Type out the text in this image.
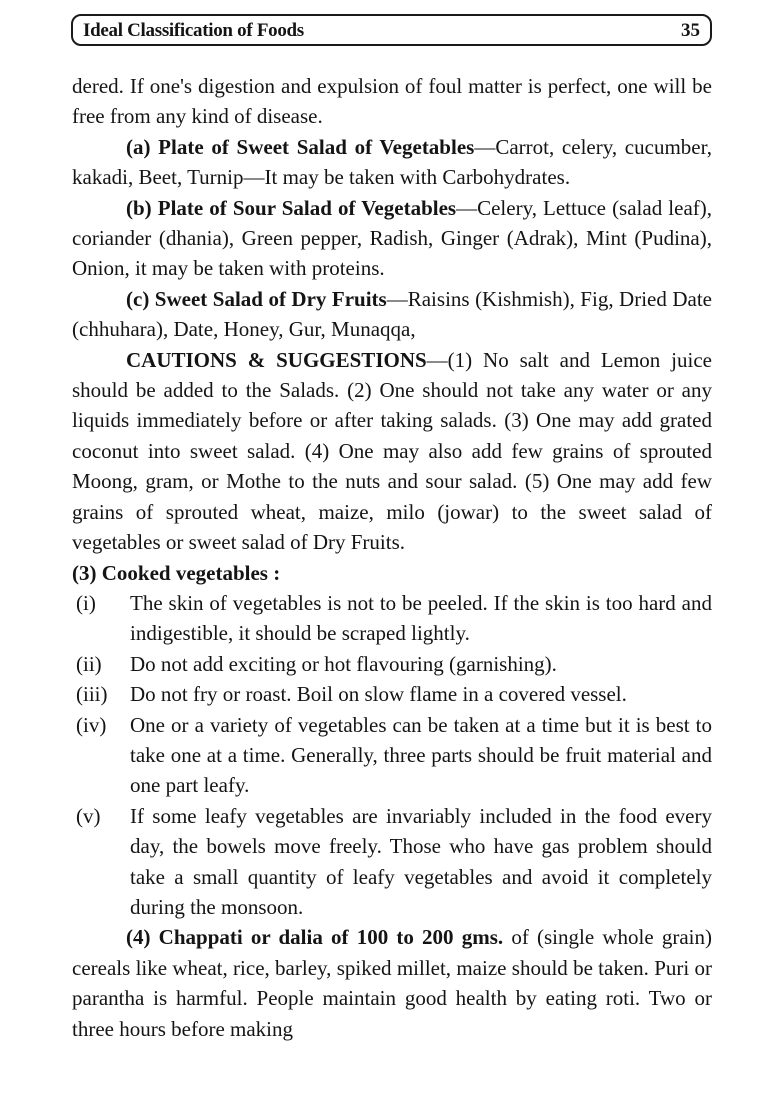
Ideal Classification of Foods	35

dered. If one's digestion and expulsion of foul matter is perfect, one will be free from any kind of disease.

(a) Plate of Sweet Salad of Vegetables—Carrot, celery, cucumber, kakadi, Beet, Turnip—It may be taken with Carbohydrates.

(b) Plate of Sour Salad of Vegetables—Celery, Lettuce (salad leaf), coriander (dhania), Green pepper, Radish, Ginger (Adrak), Mint (Pudina), Onion, it may be taken with proteins.

(c) Sweet Salad of Dry Fruits—Raisins (Kishmish), Fig, Dried Date (chhuhara), Date, Honey, Gur, Munaqqa,

CAUTIONS & SUGGESTIONS—(1) No salt and Lemon juice should be added to the Salads. (2) One should not take any water or any liquids immediately before or after taking salads. (3) One may add grated coconut into sweet salad. (4) One may also add few grains of sprouted Moong, gram, or Mothe to the nuts and sour salad. (5) One may add few grains of sprouted wheat, maize, milo (jowar) to the sweet salad of vegetables or sweet salad of Dry Fruits.

(3) Cooked vegetables :

(i)	The skin of vegetables is not to be peeled. If the skin is too hard and indigestible, it should be scraped lightly.
(ii)	Do not add exciting or hot flavouring (garnishing).
(iii)	Do not fry or roast. Boil on slow flame in a covered vessel.
(iv)	One or a variety of vegetables can be taken at a time but it is best to take one at a time. Generally, three parts should be fruit material and one part leafy.
(v)	If some leafy vegetables are invariably included in the food every day, the bowels move freely. Those who have gas problem should take a small quantity of leafy vegetables and avoid it completely during the monsoon.

(4) Chappati or dalia of 100 to 200 gms. of (single whole grain) cereals like wheat, rice, barley, spiked millet, maize should be taken. Puri or parantha is harmful. People maintain good health by eating roti. Two or three hours before making
